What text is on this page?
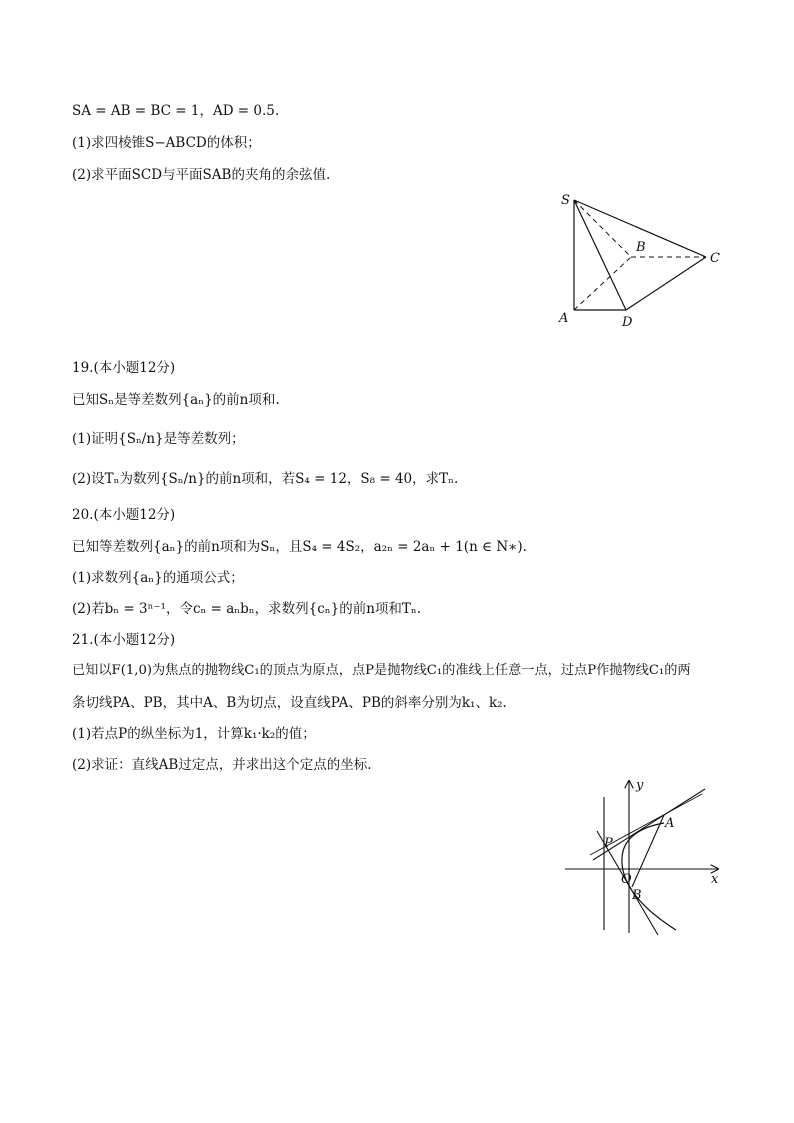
SA = AB = BC = 1，AD = 0.5.
(1)求四棱锥S−ABCD的体积；
(2)求平面SCD与平面SAB的夹角的余弦值.
S
B
C
A	D
19.(本小题12分)
已知Sₙ是等差数列{aₙ}的前n项和.
(1)证明{Sₙ/n}是等差数列；
(2)设Tₙ为数列{Sₙ/n}的前n项和，若S₄ = 12，S₈ = 40，求Tₙ.
20.(本小题12分)
已知等差数列{aₙ}的前n项和为Sₙ，且S₄ = 4S₂，a₂ₙ = 2aₙ + 1(n ∈ N∗).
(1)求数列{aₙ}的通项公式；
(2)若bₙ = 3ⁿ⁻¹，令cₙ = aₙbₙ，求数列{cₙ}的前n项和Tₙ.
21.(本小题12分)
已知以F(1,0)为焦点的抛物线C₁的顶点为原点，点P是抛物线C₁的准线上任意一点，过点P作抛物线C₁的两
条切线PA、PB，其中A、B为切点，设直线PA、PB的斜率分别为k₁、k₂.
(1)若点P的纵坐标为1，计算k₁·k₂的值；
(2)求证：直线AB过定点，并求出这个定点的坐标.
y
x
P
A
O
B
